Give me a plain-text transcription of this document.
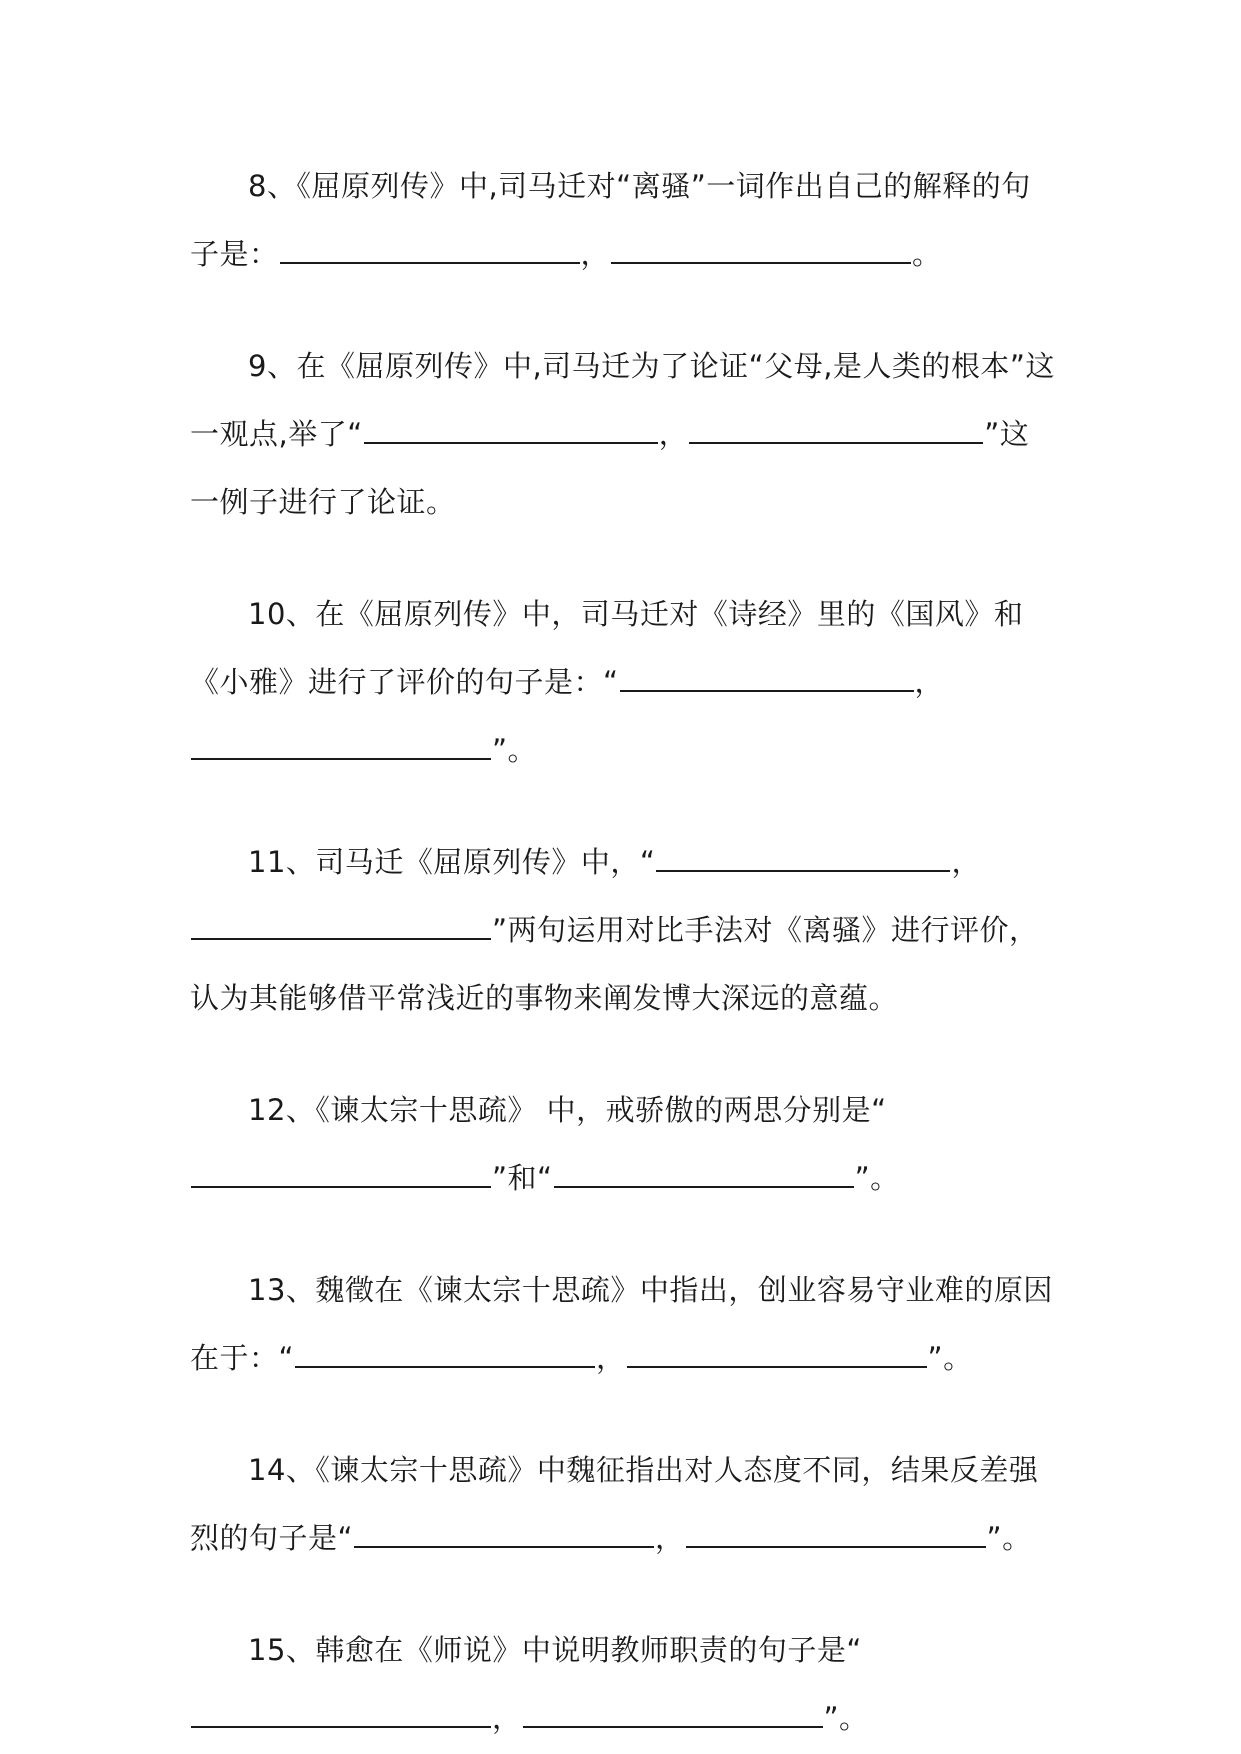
8、《屈原列传》中,司马迁对“离骚”一词作出自己的解释的句子是：	，	。

9、在《屈原列传》中,司马迁为了论证“父母,是人类的根本”这一观点,举了“	，	”这一例子进行了论证。

10、在《屈原列传》中，司马迁对《诗经》里的《国风》和《小雅》进行了评价的句子是：“	，”。

11、司马迁《屈原列传》中，“	，”两句运用对比手法对《离骚》进行评价，认为其能够借平常浅近的事物来阐发博大深远的意蕴。

12、《谏太宗十思疏》 中，戒骄傲的两思分别是“”和“	”。

13、魏徵在《谏太宗十思疏》中指出，创业容易守业难的原因在于：“	，	”。

14、《谏太宗十思疏》中魏征指出对人态度不同，结果反差强烈的句子是“	，	”。

15、韩愈在《师说》中说明教师职责的句子是“，	”。
